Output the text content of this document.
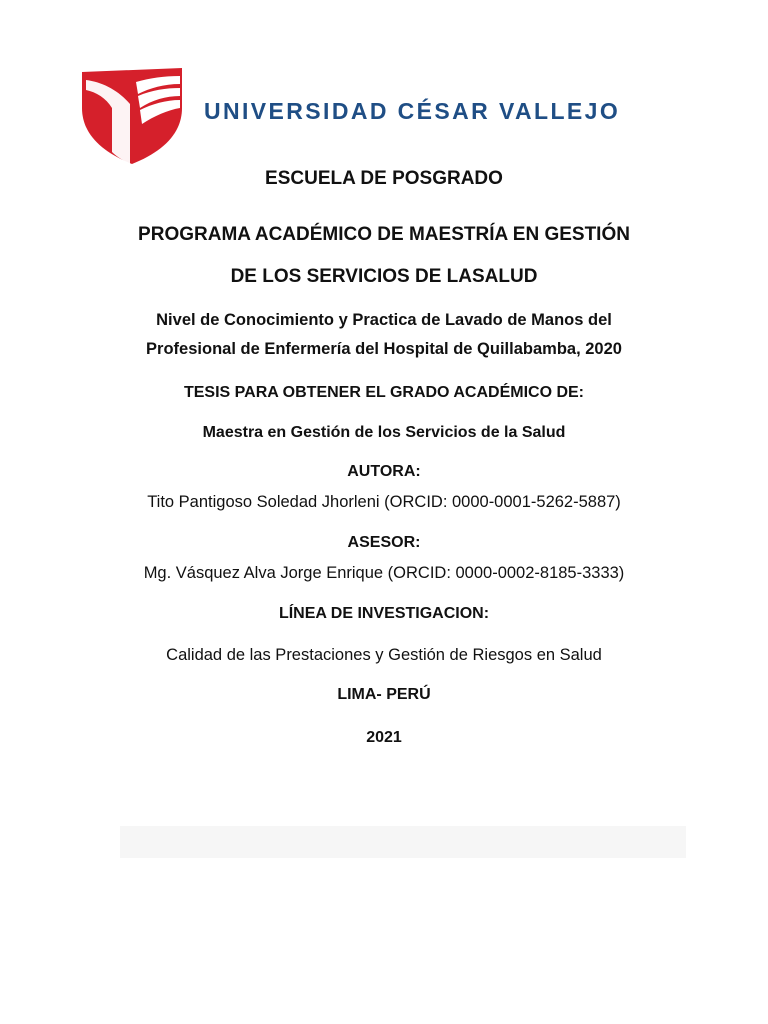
UNIVERSIDAD CÉSAR VALLEJO
ESCUELA DE POSGRADO
PROGRAMA ACADÉMICO DE MAESTRÍA EN GESTIÓN
DE LOS SERVICIOS DE LASALUD
Nivel de Conocimiento y Practica de Lavado de Manos del
Profesional de Enfermería del Hospital de Quillabamba, 2020
TESIS PARA OBTENER EL GRADO ACADÉMICO DE:
Maestra en Gestión de los Servicios de la Salud
AUTORA:
Tito Pantigoso Soledad Jhorleni (ORCID: 0000-0001-5262-5887)
ASESOR:
Mg. Vásquez Alva Jorge Enrique (ORCID: 0000-0002-8185-3333)
LÍNEA DE INVESTIGACION:
Calidad de las Prestaciones y Gestión de Riesgos en Salud
LIMA- PERÚ
2021
